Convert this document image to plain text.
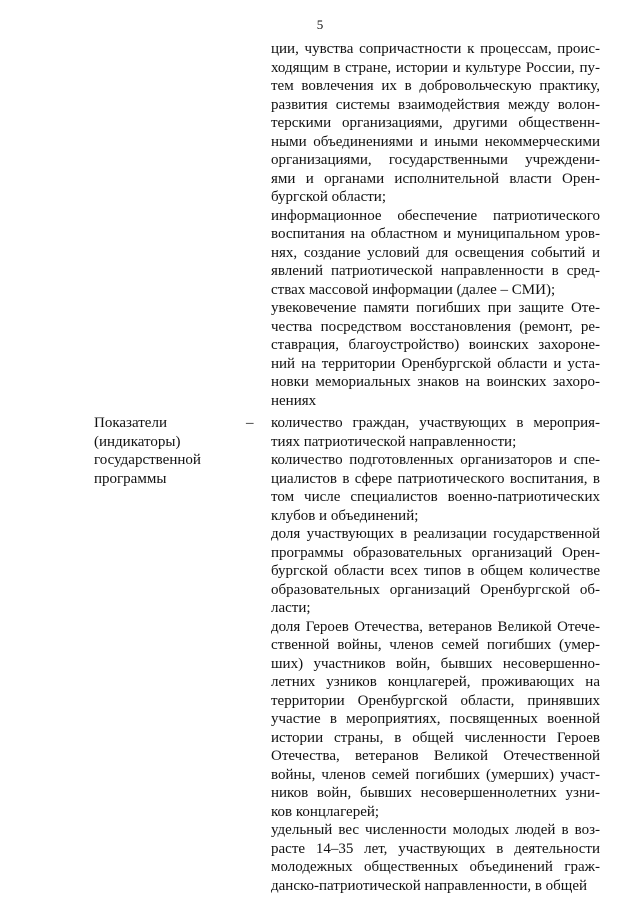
5

ции, чувства сопричастности к процессам, проис-

ходящим в стране, истории и культуре России, пу-

тем вовлечения их в добровольческую практику,

развития системы взаимодействия между волон-

терскими организациями, другими общественн-

ными объединениями и иными некоммерческими

организациями, государственными учреждени-

ями и органами исполнительной власти Орен-

бургской области;

информационное обеспечение патриотического

воспитания на областном и муниципальном уров-

нях, создание условий для освещения событий и

явлений патриотической направленности в сред-

ствах массовой информации (далее – СМИ);

увековечение памяти погибших при защите Оте-

чества посредством восстановления (ремонт, ре-

ставрация, благоустройство) воинских захороне-

ний на территории Оренбургской области и уста-

новки мемориальных знаков на воинских захоро-

нениях

Показатели
(индикаторы)
государственной
программы
–	количество граждан, участвующих в мероприя-

тиях патриотической направленности;

количество подготовленных организаторов и спе-

циалистов в сфере патриотического воспитания, в

том числе специалистов военно-патриотических

клубов и объединений;

доля участвующих в реализации государственной

программы образовательных организаций Орен-

бургской области всех типов в общем количестве

образовательных организаций Оренбургской об-

ласти;

доля Героев Отечества, ветеранов Великой Отече-

ственной войны, членов семей погибших (умер-

ших) участников войн, бывших несовершенно-

летних узников концлагерей, проживающих на

территории Оренбургской области, принявших

участие в мероприятиях, посвященных военной

истории страны, в общей численности Героев

Отечества, ветеранов Великой Отечественной

войны, членов семей погибших (умерших) участ-

ников войн, бывших несовершеннолетних узни-

ков концлагерей;

удельный вес численности молодых людей в воз-

расте 14–35 лет, участвующих в деятельности

молодежных общественных объединений граж-

данско-патриотической направленности, в общей
